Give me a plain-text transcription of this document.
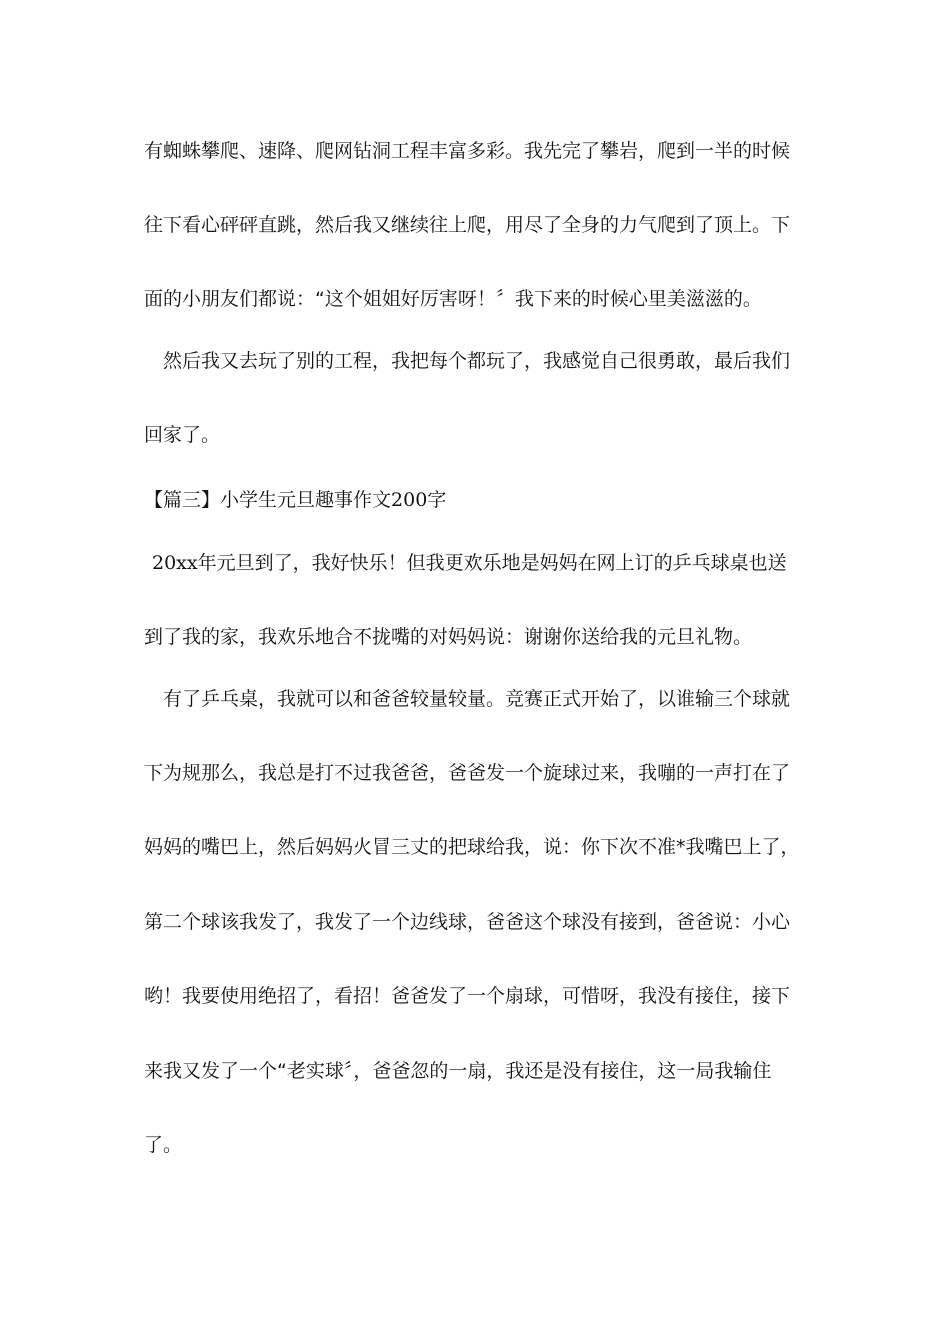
有蜘蛛攀爬、速降、爬网钻洞工程丰富多彩。我先完了攀岩，爬到一半的时候
往下看心砰砰直跳，然后我又继续往上爬，用尽了全身的力气爬到了顶上。下
面的小朋友们都说：“这个姐姐好厉害呀！〞我下来的时候心里美滋滋的。
然后我又去玩了别的工程，我把每个都玩了，我感觉自己很勇敢，最后我们
回家了。
【篇三】小学生元旦趣事作文200字
20xx年元旦到了，我好快乐！但我更欢乐地是妈妈在网上订的乒乓球桌也送
到了我的家，我欢乐地合不拢嘴的对妈妈说：谢谢你送给我的元旦礼物。
有了乒乓桌，我就可以和爸爸较量较量。竞赛正式开始了，以谁输三个球就
下为规那么，我总是打不过我爸爸，爸爸发一个旋球过来，我嘣的一声打在了
妈妈的嘴巴上，然后妈妈火冒三丈的把球给我，说：你下次不准*我嘴巴上了，
第二个球该我发了，我发了一个边线球，爸爸这个球没有接到，爸爸说：小心
哟！我要使用绝招了，看招！爸爸发了一个扇球，可惜呀，我没有接住，接下
来我又发了一个“老实球〞，爸爸忽的一扇，我还是没有接住，这一局我输住
了。
